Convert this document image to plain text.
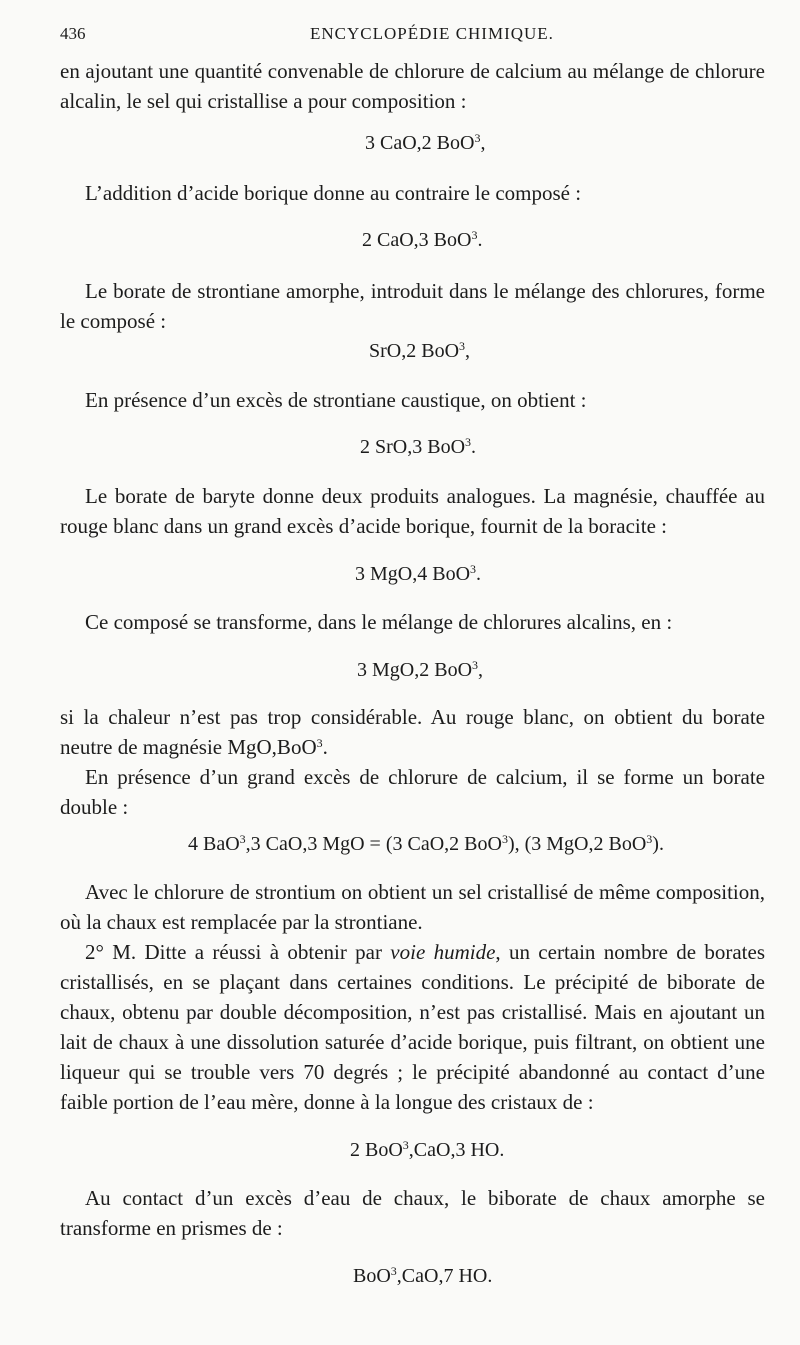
436	ENCYCLOPÉDIE CHIMIQUE.

en ajoutant une quantité convenable de chlorure de calcium au mélange de chlorure alcalin, le sel qui cristallise a pour composition :

3 CaO,2 BoO$^3$,

L’addition d’acide borique donne au contraire le composé :

2 CaO,3 BoO$^3$.

Le borate de strontiane amorphe, introduit dans le mélange des chlorures, forme le composé :

SrO,2 BoO$^3$,

En présence d’un excès de strontiane caustique, on obtient :

2 SrO,3 BoO$^3$.

Le borate de baryte donne deux produits analogues. La magnésie, chauffée au rouge blanc dans un grand excès d’acide borique, fournit de la boracite :

3 MgO,4 BoO$^3$.

Ce composé se transforme, dans le mélange de chlorures alcalins, en :

3 MgO,2 BoO$^3$,

si la chaleur n’est pas trop considérable. Au rouge blanc, on obtient du borate neutre de magnésie MgO,BoO$^3$.

En présence d’un grand excès de chlorure de calcium, il se forme un borate double :

4 BaO$^3$,3 CaO,3 MgO = (3 CaO,2 BoO$^3$), (3 MgO,2 BoO$^3$).

Avec le chlorure de strontium on obtient un sel cristallisé de même composition, où la chaux est remplacée par la strontiane.

2° M. Ditte a réussi à obtenir par voie humide, un certain nombre de borates cristallisés, en se plaçant dans certaines conditions. Le précipité de biborate de chaux, obtenu par double décomposition, n’est pas cristallisé. Mais en ajoutant un lait de chaux à une dissolution saturée d’acide borique, puis filtrant, on obtient une liqueur qui se trouble vers 70 degrés ; le précipité abandonné au contact d’une faible portion de l’eau mère, donne à la longue des cristaux de :

2 BoO$^3$,CaO,3 HO.

Au contact d’un excès d’eau de chaux, le biborate de chaux amorphe se transforme en prismes de :

BoO$^3$,CaO,7 HO.
